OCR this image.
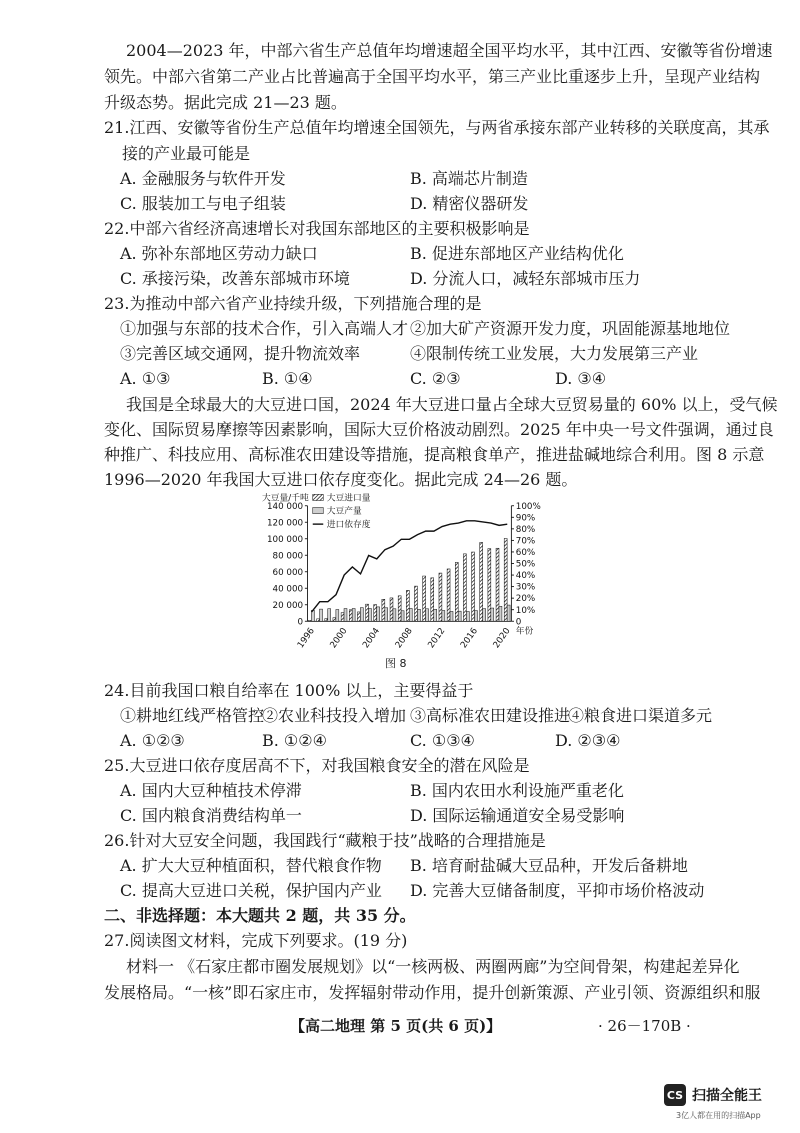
2004—2023 年，中部六省生产总值年均增速超全国平均水平，其中江西、安徽等省份增速
领先。中部六省第二产业占比普遍高于全国平均水平，第三产业比重逐步上升，呈现产业结构
升级态势。据此完成 21—23 题。
21.江西、安徽等省份生产总值年均增速全国领先，与两省承接东部产业转移的关联度高，其承
接的产业最可能是
A. 金融服务与软件开发	B. 高端芯片制造
C. 服装加工与电子组装	D. 精密仪器研发
22.中部六省经济高速增长对我国东部地区的主要积极影响是
A. 弥补东部地区劳动力缺口	B. 促进东部地区产业结构优化
C. 承接污染，改善东部城市环境	D. 分流人口，减轻东部城市压力
23.为推动中部六省产业持续升级，下列措施合理的是
①加强与东部的技术合作，引入高端人才 ②加大矿产资源开发力度，巩固能源基地地位
③完善区域交通网，提升物流效率	④限制传统工业发展，大力发展第三产业
A. ①③	B. ①④	C. ②③	D. ③④
我国是全球最大的大豆进口国，2024 年大豆进口量占全球大豆贸易量的 60% 以上，受气候
变化、国际贸易摩擦等因素影响，国际大豆价格波动剧烈。2025 年中央一号文件强调，通过良
种推广、科技应用、高标准农田建设等措施，提高粮食单产，推进盐碱地综合利用。图 8 示意
1996—2020 年我国大豆进口依存度变化。据此完成 24—26 题。
0
20 000
40 000
60 000
80 000
100 000
120 000
140 000
0
10%
20%
30%
40%
50%
60%
70%
80%
90%
100%
大豆量/千吨
年份
1996 2000 2004 2008 2012 2016 2020
大豆进口量
大豆产量
进口依存度
图 8
24.目前我国口粮自给率在 100% 以上，主要得益于
①耕地红线严格管控
②农业科技投入增加 ③高标准农田建设推进
④粮食进口渠道多元
A. ①②③	B. ①②④	C. ①③④	D. ②③④
25.大豆进口依存度居高不下，对我国粮食安全的潜在风险是
A. 国内大豆种植技术停滞	B. 国内农田水利设施严重老化
C. 国内粮食消费结构单一	D. 国际运输通道安全易受影响
26.针对大豆安全问题，我国践行“藏粮于技”战略的合理措施是
A. 扩大大豆种植面积，替代粮食作物 B. 培育耐盐碱大豆品种，开发后备耕地
C. 提高大豆进口关税，保护国内产业 D. 完善大豆储备制度，平抑市场价格波动
二、非选择题：本大题共 2 题，共 35 分。
27.阅读图文材料，完成下列要求。(19 分)
材料一 《石家庄都市圈发展规划》以“一核两极、两圈两廊”为空间骨架，构建起差异化
发展格局。“一核”即石家庄市，发挥辐射带动作用，提升创新策源、产业引领、资源组织和服
【高二地理 第 5 页(共 6 页)】	· 26－170B ·
CS 扫描全能王
3亿人都在用的扫描App
